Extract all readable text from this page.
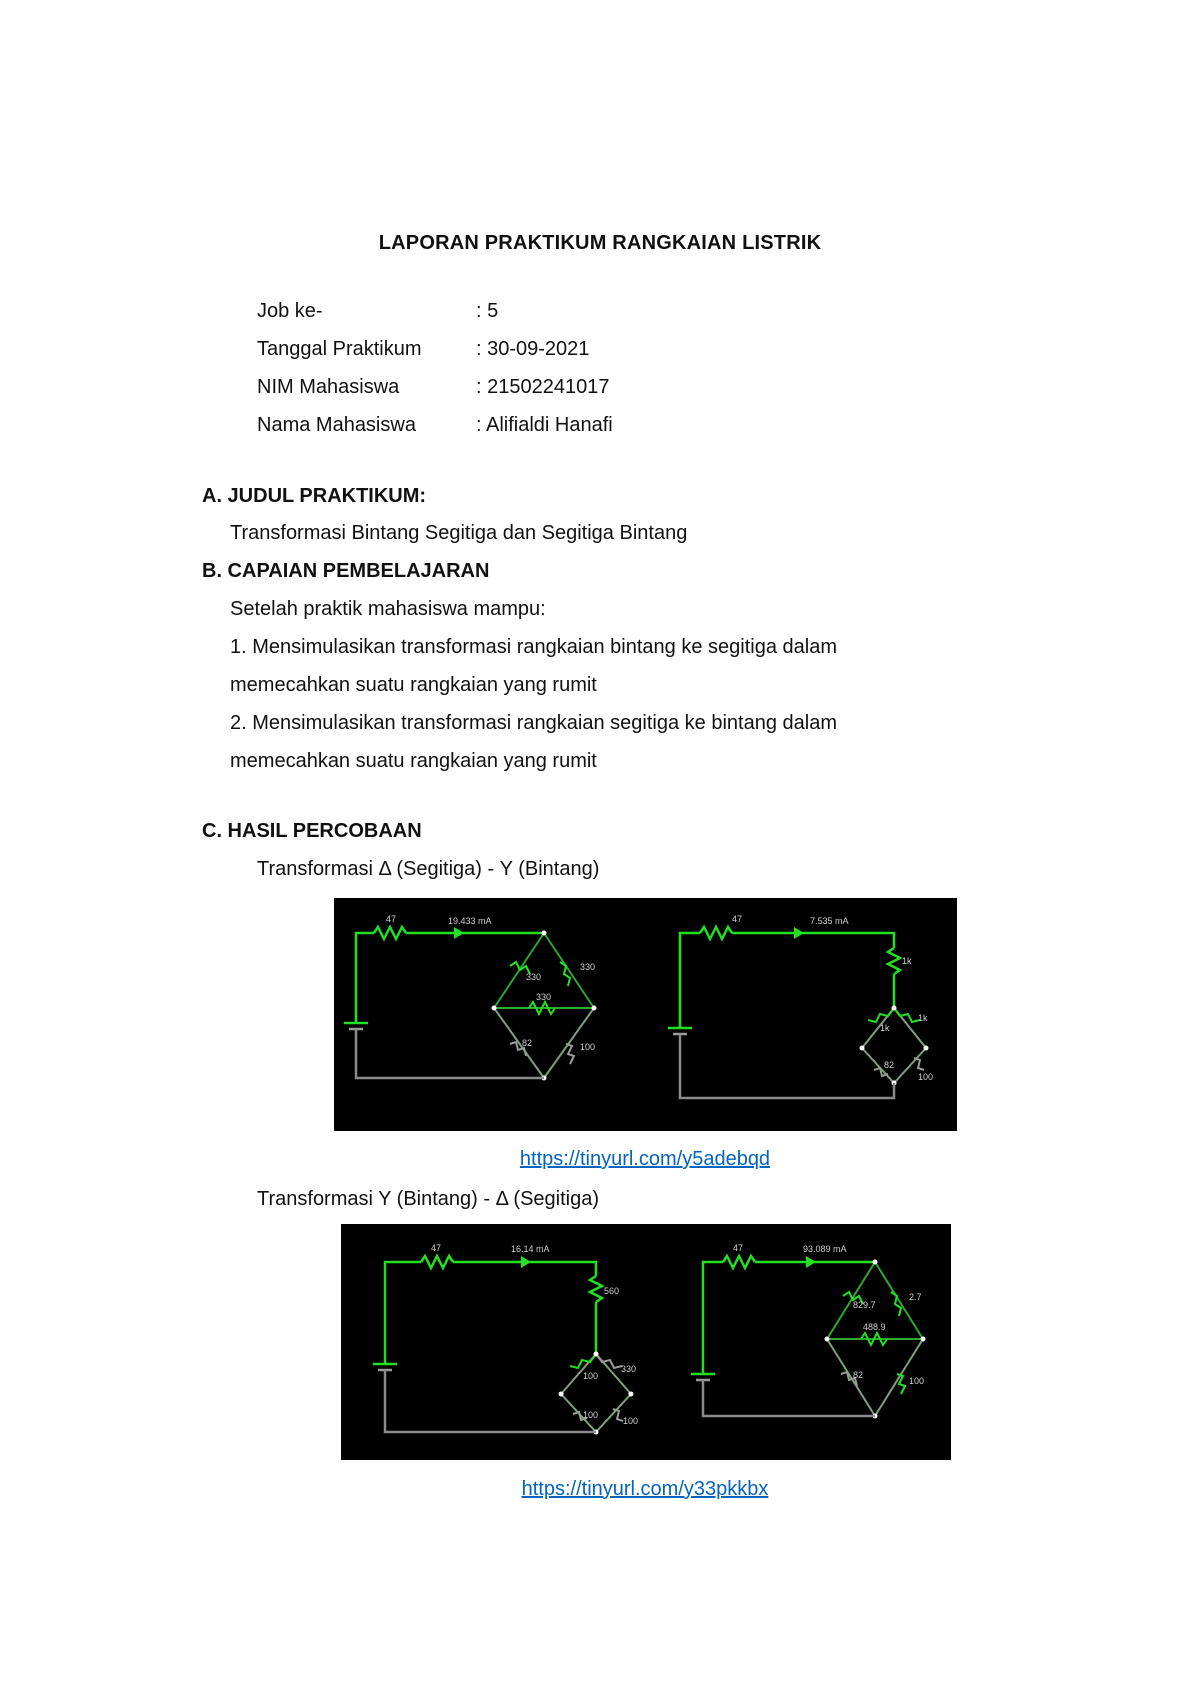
LAPORAN PRAKTIKUM RANGKAIAN LISTRIK
Job ke-	: 5
Tanggal Praktikum	: 30-09-2021
NIM Mahasiswa	: 21502241017
Nama Mahasiswa	: Alifialdi Hanafi
A. JUDUL PRAKTIKUM:
Transformasi Bintang Segitiga dan Segitiga Bintang
B. CAPAIAN PEMBELAJARAN
Setelah praktik mahasiswa mampu:
1. Mensimulasikan transformasi rangkaian bintang ke segitiga dalam
memecahkan suatu rangkaian yang rumit
2. Mensimulasikan transformasi rangkaian segitiga ke bintang dalam
memecahkan suatu rangkaian yang rumit
C. HASIL PERCOBAAN
Transformasi Δ (Segitiga) - Y (Bintang)
47	19.433 mA
330
330
330
82	100
47	7.535 mA
1k
1k
1k
82
100
https://tinyurl.com/y5adebqd
Transformasi Y (Bintang) - Δ (Segitiga)
47	16.14 mA
560
100
330
100
100
47	93.089 mA
829.7
2.7
488.9
82
100
https://tinyurl.com/y33pkkbx
